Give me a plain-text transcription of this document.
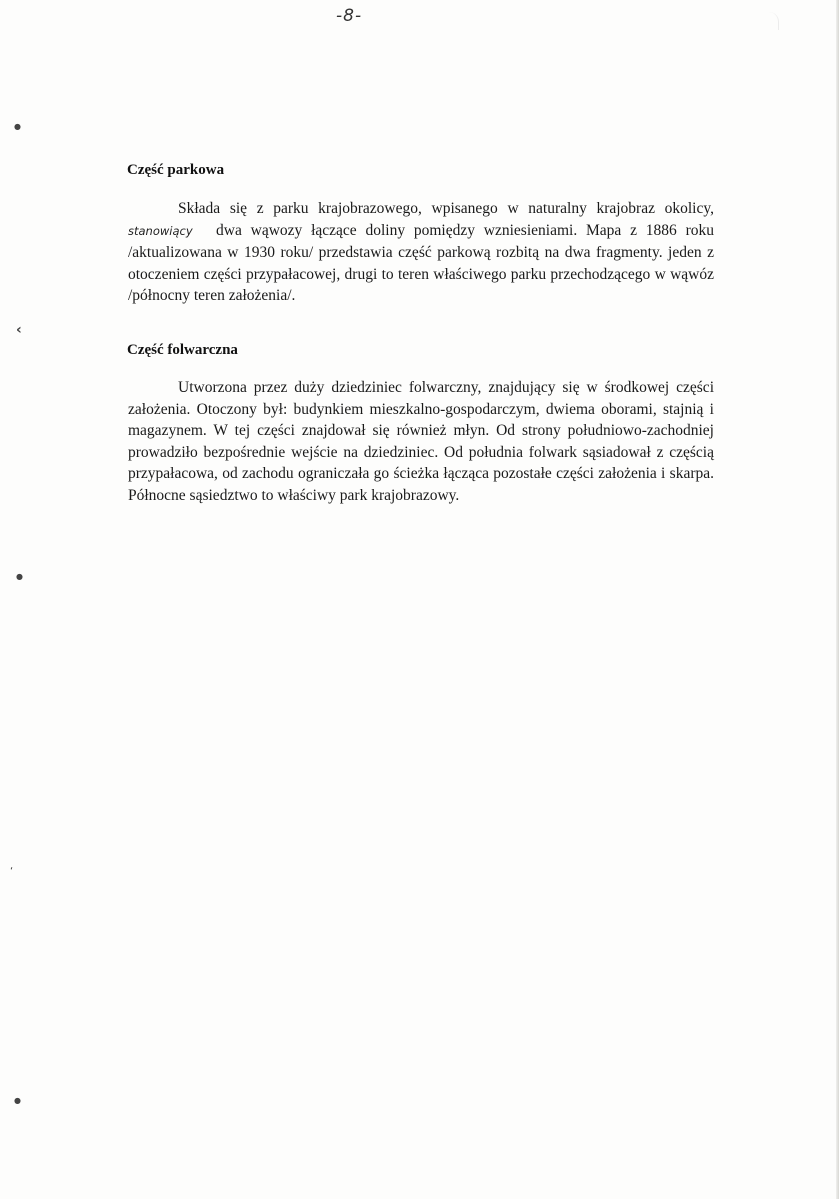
-8-
●
‹
●
‘
●
Część parkowa
Składa się z parku krajobrazowego, wpisanego w naturalny krajobraz okolicy, stanowiący dwa wąwozy łączące doliny pomiędzy wzniesieniami. Mapa z 1886 roku /aktualizowana w 1930 roku/ przedstawia część parkową rozbitą na dwa fragmenty. jeden z otoczeniem części przypałacowej, drugi to teren właściwego parku przechodzącego w wąwóz /północny teren założenia/.
Część folwarczna
Utworzona przez duży dziedziniec folwarczny, znajdujący się w środkowej części założenia. Otoczony był: budynkiem mieszkalno-gospodarczym, dwiema oborami, stajnią i magazynem. W tej części znajdował się również młyn. Od strony południowo-zachodniej prowadziło bezpośrednie wejście na dziedziniec. Od południa folwark sąsiadował z częścią przypałacowa, od zachodu ograniczała go ścieżka łącząca pozostałe części założenia i skarpa. Północne sąsiedztwo to właściwy park krajobrazowy.
